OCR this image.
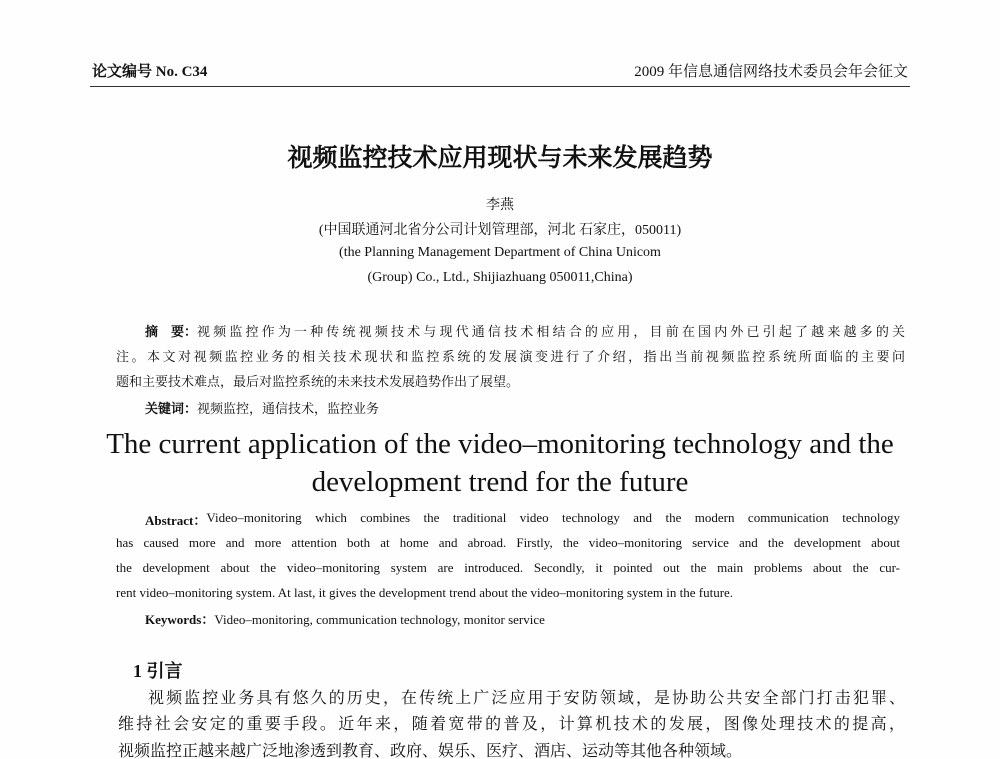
论文编号 No. C34	2009 年信息通信网络技术委员会年会征文
视频监控技术应用现状与未来发展趋势
李燕
(中国联通河北省分公司计划管理部，河北 石家庄，050011)
(the Planning Management Department of China Unicom
(Group) Co., Ltd., Shijiazhuang 050011,China)
摘　要： 视频监控作为一种传统视频技术与现代通信技术相结合的应用，目前在国内外已引起了越来越多的关
注。本文对视频监控业务的相关技术现状和监控系统的发展演变进行了介绍，指出当前视频监控系统所面临的主要问
题和主要技术难点，最后对监控系统的未来技术发展趋势作出了展望。
关键词：视频监控，通信技术，监控业务
The current application of the video–monitoring technology and the
development trend for the future
Abstract： Video–monitoring which combines the traditional video technology and the modern communication technology
has caused more and more attention both at home and abroad. Firstly, the video–monitoring service and the development about
the development about the video–monitoring system are introduced. Secondly, it pointed out the main problems about the cur-
rent video–monitoring system. At last, it gives the development trend about the video–monitoring system in the future.
Keywords：Video–monitoring, communication technology, monitor service
1 引言
视频监控业务具有悠久的历史，在传统上广泛应用于安防领域，是协助公共安全部门打击犯罪、
维持社会安定的重要手段。近年来，随着宽带的普及，计算机技术的发展，图像处理技术的提高，
视频监控正越来越广泛地渗透到教育、政府、娱乐、医疗、酒店、运动等其他各种领域。
